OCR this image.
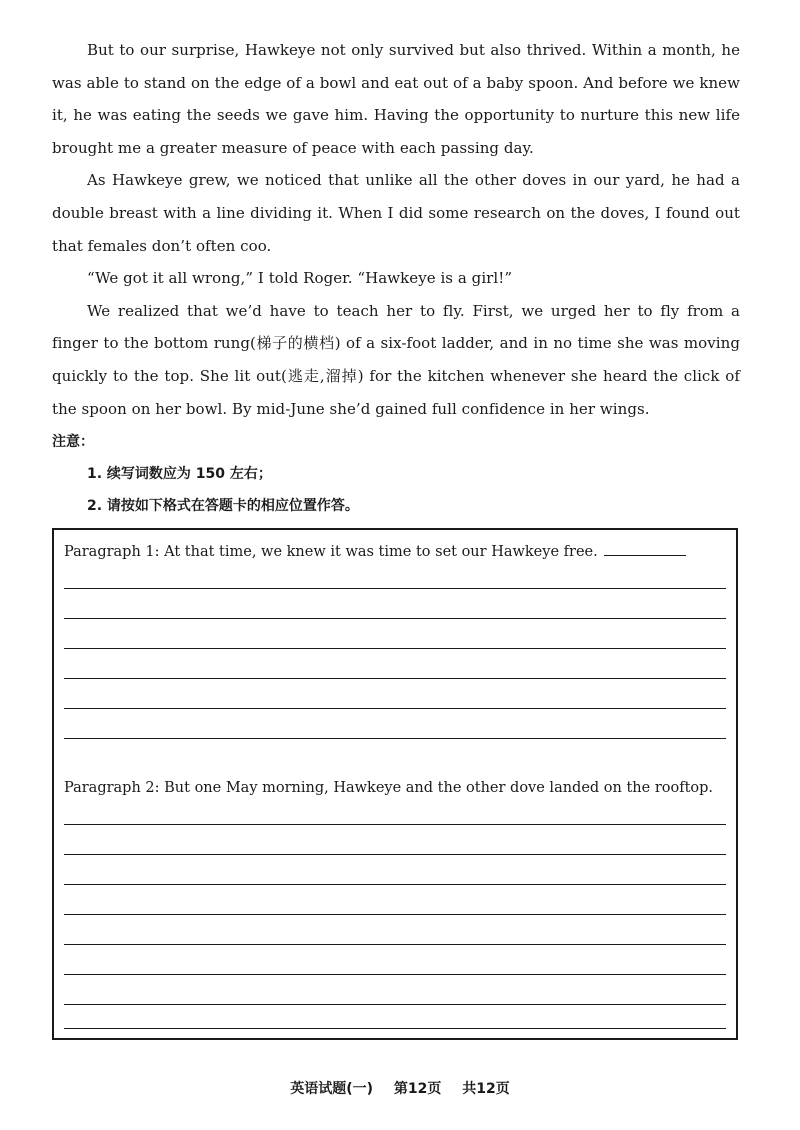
But to our surprise, Hawkeye not only survived but also thrived. Within a month, he was able to stand on the edge of a bowl and eat out of a baby spoon. And before we knew it, he was eating the seeds we gave him. Having the opportunity to nurture this new life brought me a greater measure of peace with each passing day.

As Hawkeye grew, we noticed that unlike all the other doves in our yard, he had a double breast with a line dividing it. When I did some research on the doves, I found out that females don’t often coo.

“We got it all wrong,” I told Roger. “Hawkeye is a girl!”

We realized that we’d have to teach her to fly. First, we urged her to fly from a finger to the bottom rung(梯子的横档) of a six-foot ladder, and in no time she was moving quickly to the top. She lit out(逃走,溜掉) for the kitchen whenever she heard the click of the spoon on her bowl. By mid-June she’d gained full confidence in her wings.

注意：
1. 续写词数应为 150 左右；
2. 请按如下格式在答题卡的相应位置作答。
Paragraph 1: At that time, we knew it was time to set our Hawkeye free.
Paragraph 2: But one May morning, Hawkeye and the other dove landed on the rooftop.
英语试题(一) 第12页 共12页
